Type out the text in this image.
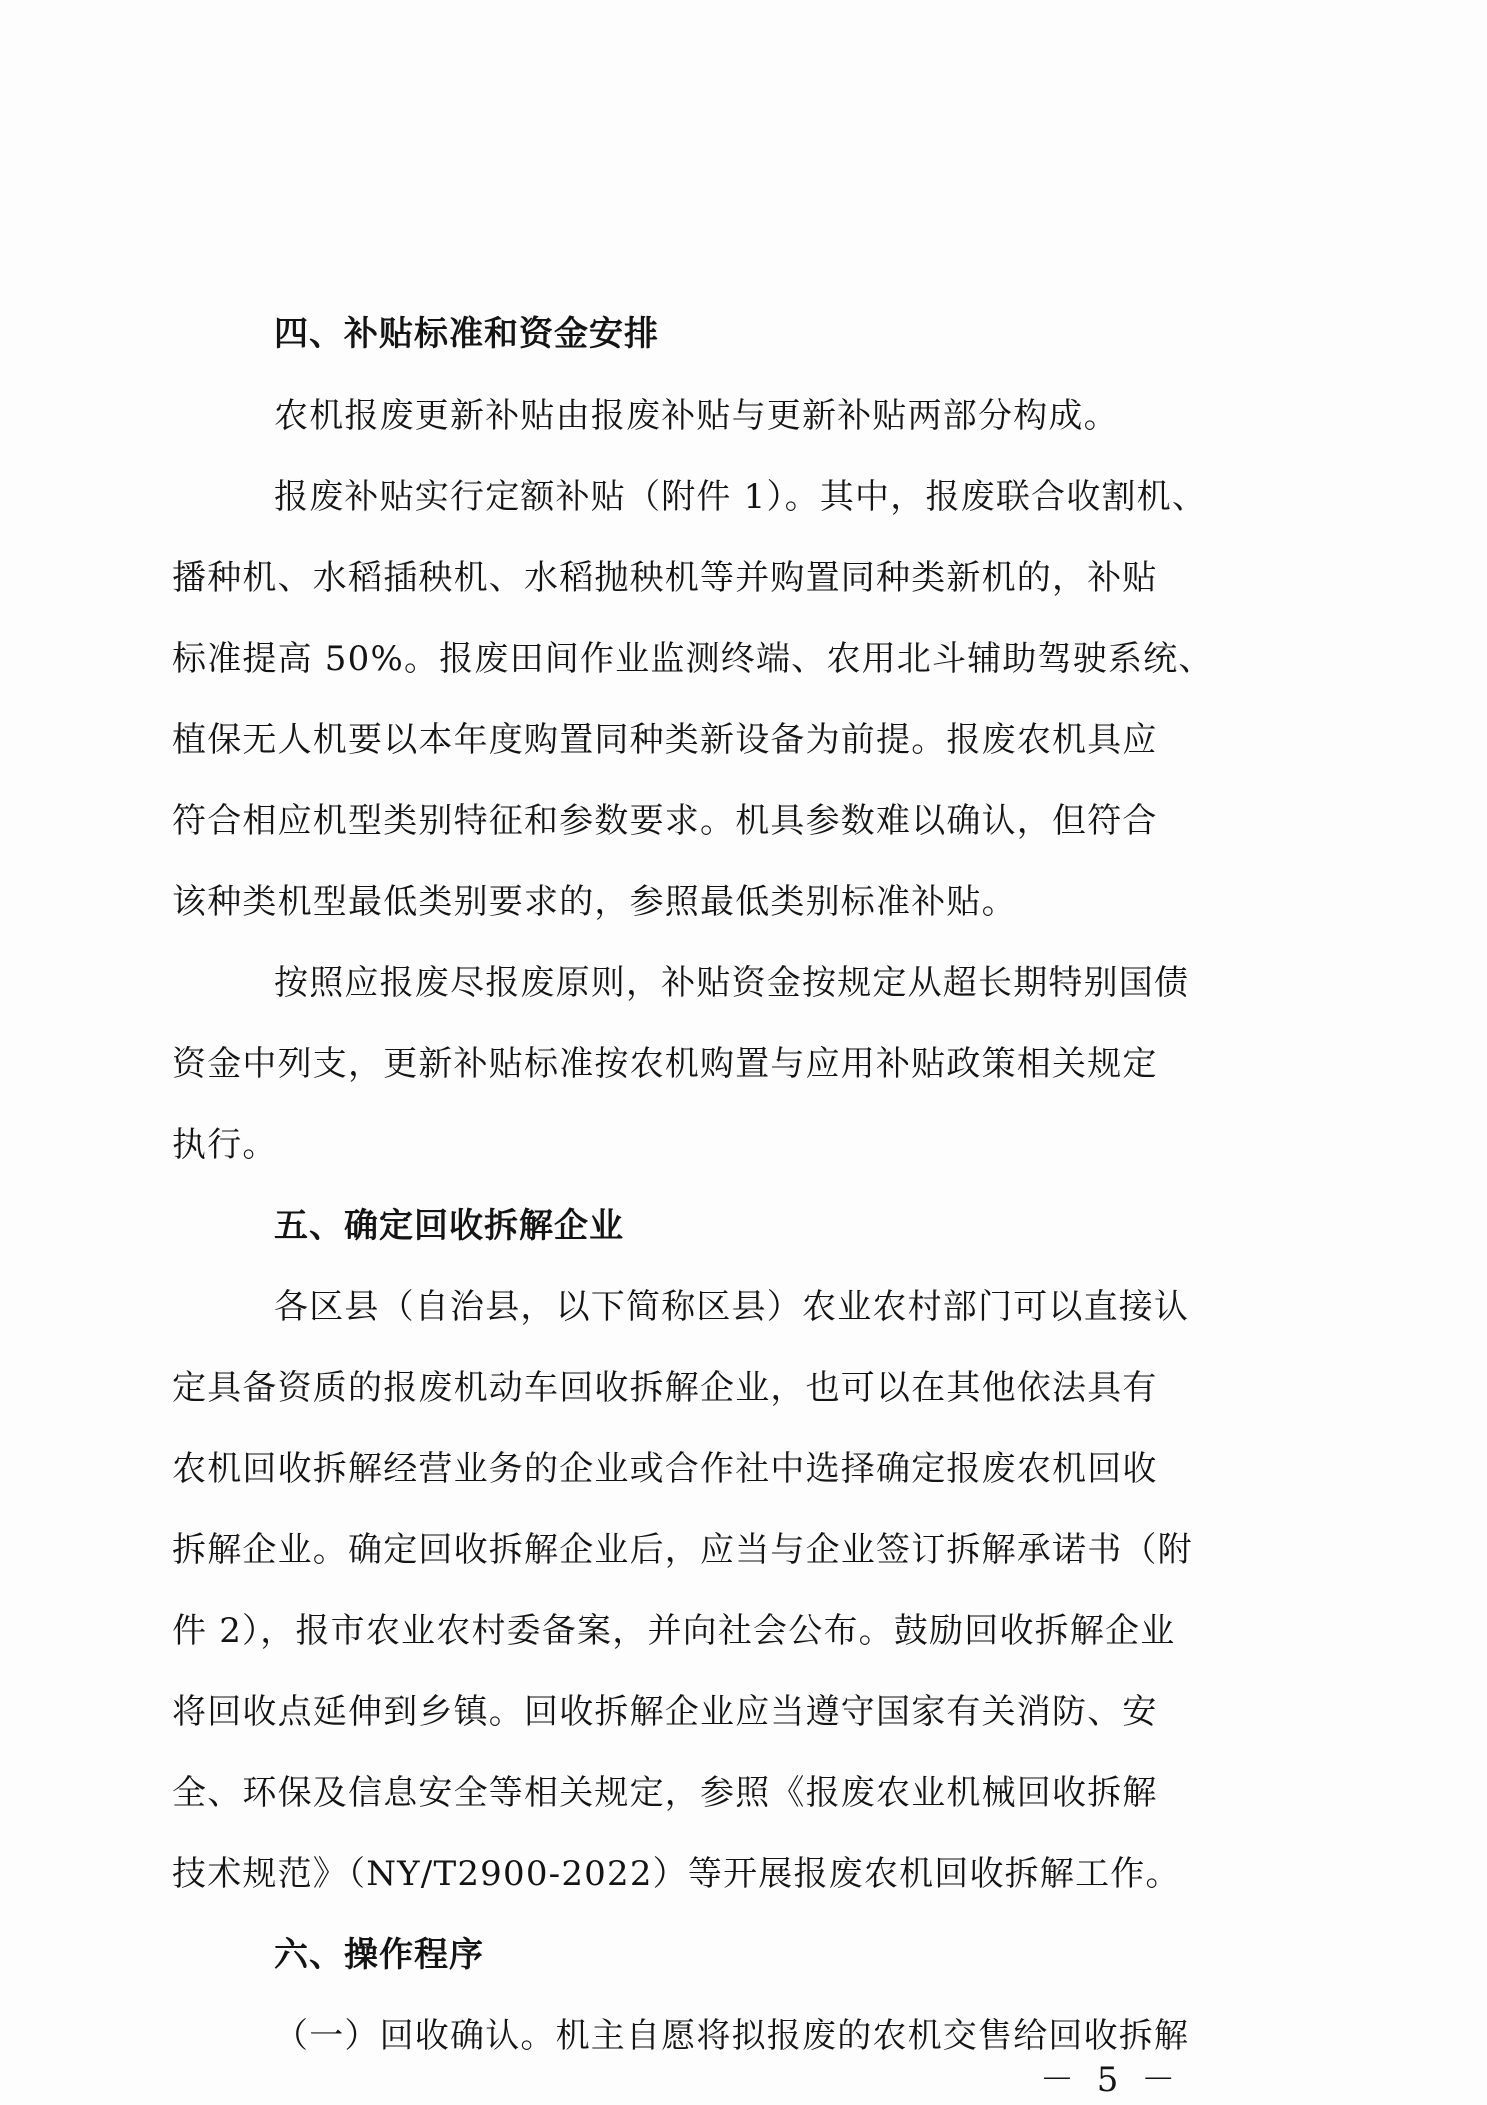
四、补贴标准和资金安排
农机报废更新补贴由报废补贴与更新补贴两部分构成。
报废补贴实行定额补贴（附件 1）。其中，报废联合收割机、
播种机、水稻插秧机、水稻抛秧机等并购置同种类新机的，补贴
标准提高 50%。报废田间作业监测终端、农用北斗辅助驾驶系统、
植保无人机要以本年度购置同种类新设备为前提。报废农机具应
符合相应机型类别特征和参数要求。机具参数难以确认，但符合
该种类机型最低类别要求的，参照最低类别标准补贴。
按照应报废尽报废原则，补贴资金按规定从超长期特别国债
资金中列支，更新补贴标准按农机购置与应用补贴政策相关规定
执行。
五、确定回收拆解企业
各区县（自治县，以下简称区县）农业农村部门可以直接认
定具备资质的报废机动车回收拆解企业，也可以在其他依法具有
农机回收拆解经营业务的企业或合作社中选择确定报废农机回收
拆解企业。确定回收拆解企业后，应当与企业签订拆解承诺书（附
件 2），报市农业农村委备案，并向社会公布。鼓励回收拆解企业
将回收点延伸到乡镇。回收拆解企业应当遵守国家有关消防、安
全、环保及信息安全等相关规定，参照《报废农业机械回收拆解
技术规范》（NY/T2900-2022）等开展报废农机回收拆解工作。
六、操作程序
（一）回收确认。机主自愿将拟报废的农机交售给回收拆解
－ 5 －
